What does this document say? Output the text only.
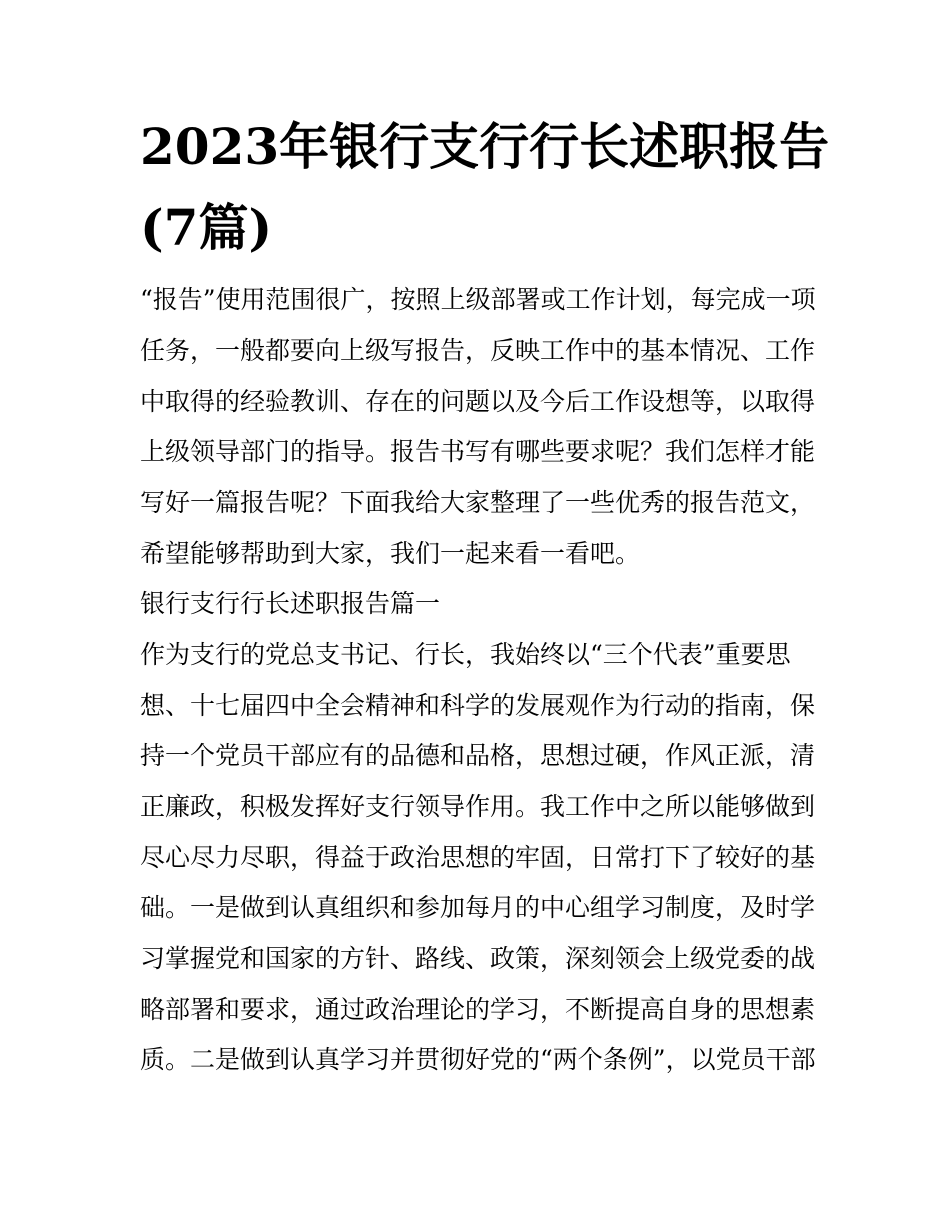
2023年银行支行行长述职报告
(7篇)

“报告”使用范围很广，按照上级部署或工作计划，每完成一项

任务，一般都要向上级写报告，反映工作中的基本情况、工作

中取得的经验教训、存在的问题以及今后工作设想等，以取得

上级领导部门的指导。报告书写有哪些要求呢？我们怎样才能

写好一篇报告呢？下面我给大家整理了一些优秀的报告范文，

希望能够帮助到大家，我们一起来看一看吧。

银行支行行长述职报告篇一

作为支行的党总支书记、行长，我始终以“三个代表”重要思

想、十七届四中全会精神和科学的发展观作为行动的指南，保

持一个党员干部应有的品德和品格，思想过硬，作风正派，清

正廉政，积极发挥好支行领导作用。我工作中之所以能够做到

尽心尽力尽职，得益于政治思想的牢固，日常打下了较好的基

础。一是做到认真组织和参加每月的中心组学习制度，及时学

习掌握党和国家的方针、路线、政策，深刻领会上级党委的战

略部署和要求，通过政治理论的学习，不断提高自身的思想素

质。二是做到认真学习并贯彻好党的“两个条例”，以党员干部
